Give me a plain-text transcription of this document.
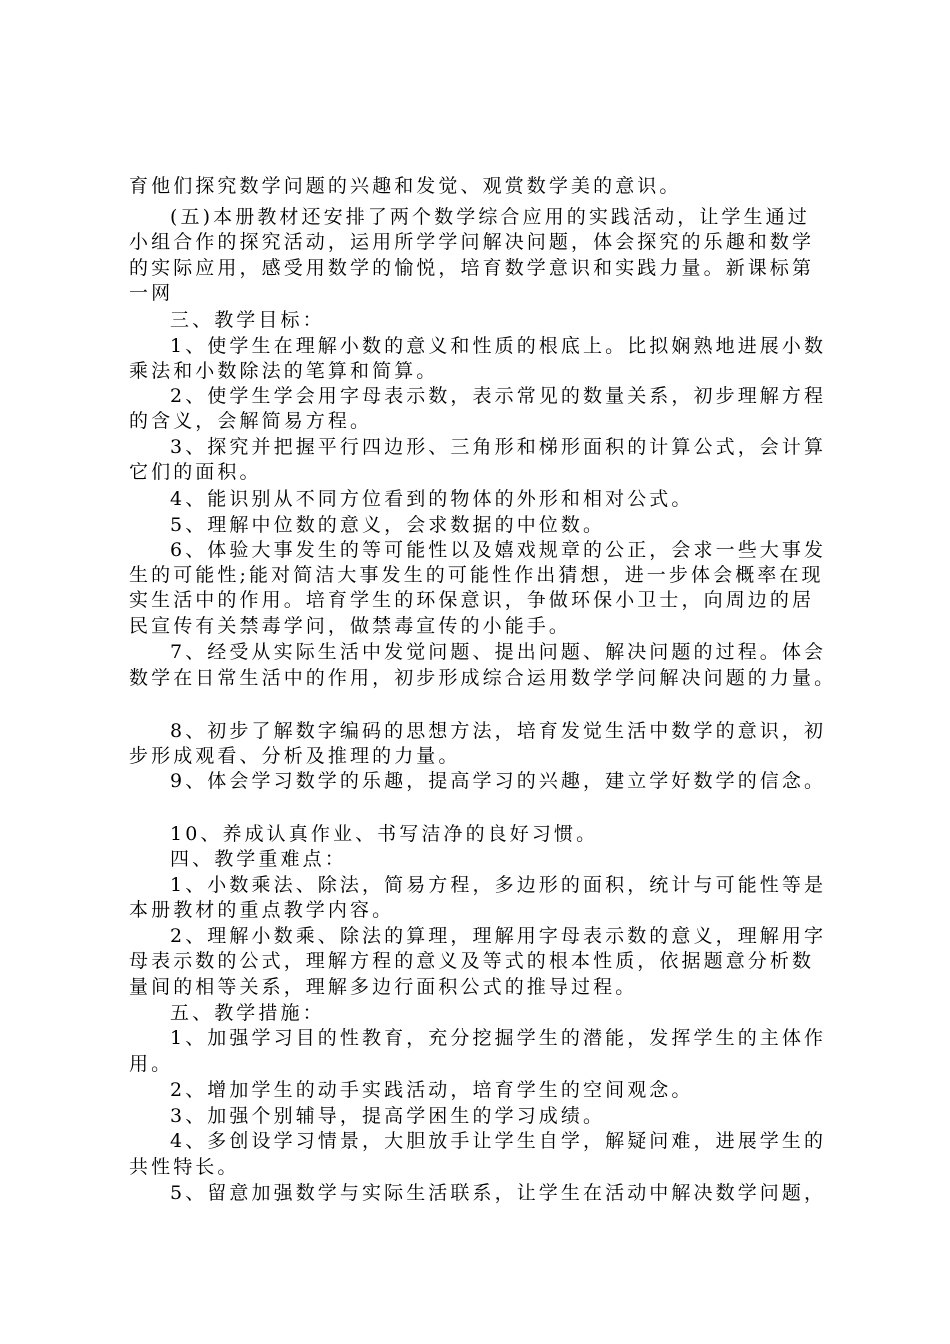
育他们探究数学问题的兴趣和发觉、观赏数学美的意识。
(五)本册教材还安排了两个数学综合应用的实践活动，让学生通过
小组合作的探究活动，运用所学学问解决问题，体会探究的乐趣和数学
的实际应用，感受用数学的愉悦，培育数学意识和实践力量。新课标第
一网
三、教学目标：
1、使学生在理解小数的意义和性质的根底上。比拟娴熟地进展小数
乘法和小数除法的笔算和简算。
2、使学生学会用字母表示数，表示常见的数量关系，初步理解方程
的含义，会解简易方程。
3、探究并把握平行四边形、三角形和梯形面积的计算公式，会计算
它们的面积。
4、能识别从不同方位看到的物体的外形和相对公式。
5、理解中位数的意义，会求数据的中位数。
6、体验大事发生的等可能性以及嬉戏规章的公正，会求一些大事发
生的可能性;能对简洁大事发生的可能性作出猜想，进一步体会概率在现
实生活中的作用。培育学生的环保意识，争做环保小卫士，向周边的居
民宣传有关禁毒学问，做禁毒宣传的小能手。
7、经受从实际生活中发觉问题、提出问题、解决问题的过程。体会
数学在日常生活中的作用，初步形成综合运用数学学问解决问题的力量。
8、初步了解数字编码的思想方法，培育发觉生活中数学的意识，初
步形成观看、分析及推理的力量。
9、体会学习数学的乐趣，提高学习的兴趣，建立学好数学的信念。
10、养成认真作业、书写洁净的良好习惯。
四、教学重难点：
1、小数乘法、除法，简易方程，多边形的面积，统计与可能性等是
本册教材的重点教学内容。
2、理解小数乘、除法的算理，理解用字母表示数的意义，理解用字
母表示数的公式，理解方程的意义及等式的根本性质，依据题意分析数
量间的相等关系，理解多边行面积公式的推导过程。
五、教学措施：
1、加强学习目的性教育，充分挖掘学生的潜能，发挥学生的主体作
用。
2、增加学生的动手实践活动，培育学生的空间观念。
3、加强个别辅导，提高学困生的学习成绩。
4、多创设学习情景，大胆放手让学生自学，解疑问难，进展学生的
共性特长。
5、留意加强数学与实际生活联系，让学生在活动中解决数学问题，
